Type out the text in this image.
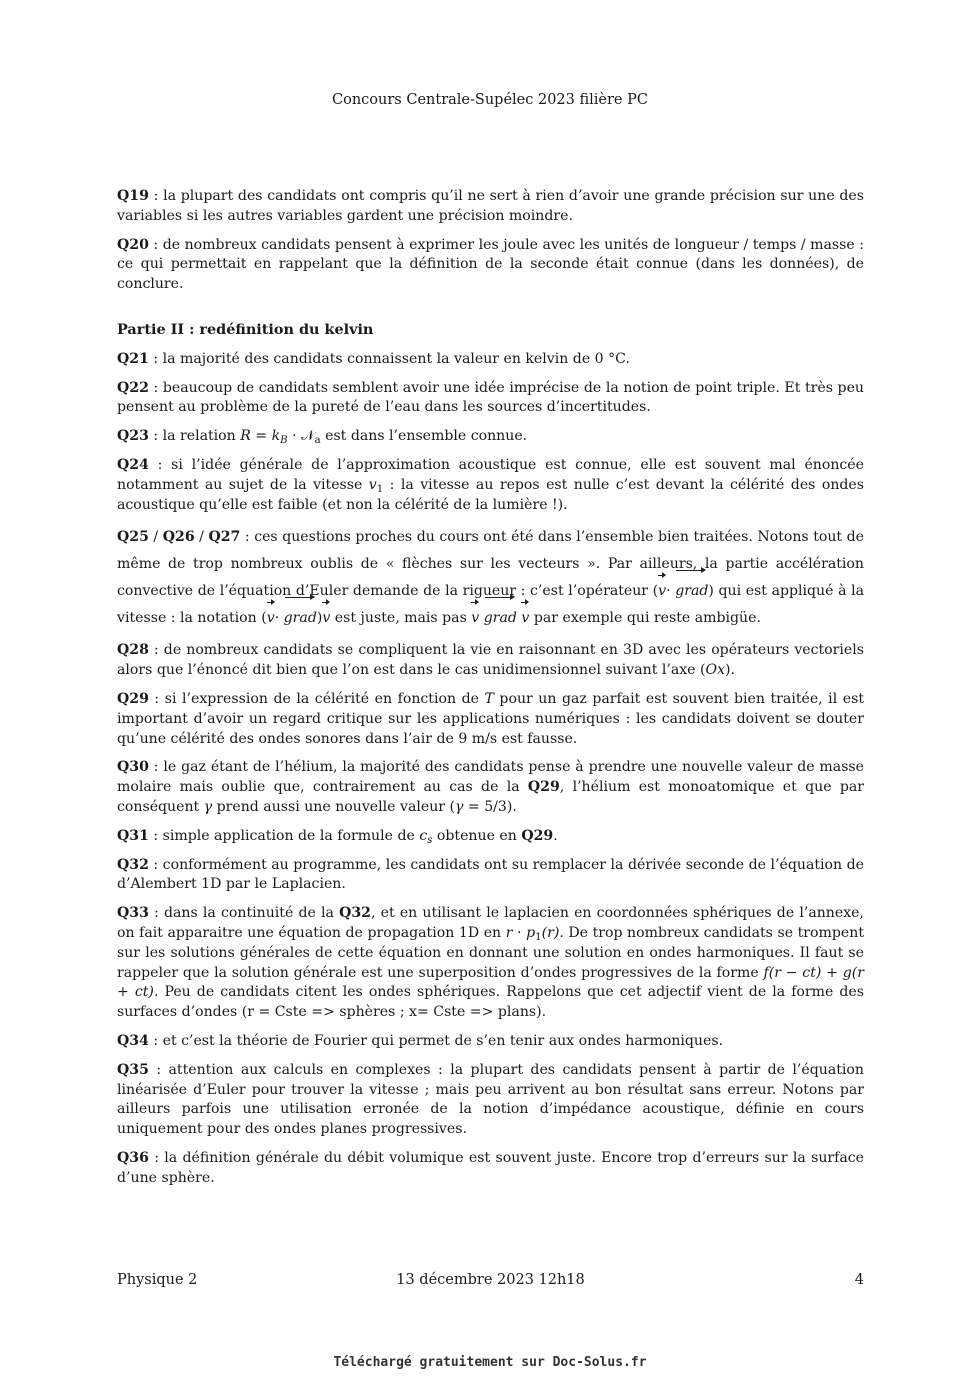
Concours Centrale-Supélec 2023 filière PC

Q19 : la plupart des candidats ont compris qu’il ne sert à rien d’avoir une grande précision sur une des variables si les autres variables gardent une précision moindre.

Q20 : de nombreux candidats pensent à exprimer les joule avec les unités de longueur / temps / masse : ce qui permettait en rappelant que la définition de la seconde était connue (dans les données), de conclure.

Partie II : redéfinition du kelvin

Q21 : la majorité des candidats connaissent la valeur en kelvin de 0 °C.

Q22 : beaucoup de candidats semblent avoir une idée imprécise de la notion de point triple. Et très peu pensent au problème de la pureté de l’eau dans les sources d’incertitudes.

Q23 : la relation $R = k_B$ · 𝒩$_a$ est dans l’ensemble connue.

Q24 : si l’idée générale de l’approximation acoustique est connue, elle est souvent mal énoncée notamment au sujet de la vitesse $v_1$ : la vitesse au repos est nulle c’est devant la célérité des ondes acoustique qu’elle est faible (et non la célérité de la lumière !).

Q25 / Q26 / Q27 : ces questions proches du cours ont été dans l’ensemble bien traitées. Notons tout de même de trop nombreux oublis de « flèches sur les vecteurs ». Par ailleurs, la partie accélération convective de l’équation d’Euler demande de la rigueur : c’est l’opérateur (v· grad) qui est appliqué à la vitesse : la notation (v· grad)v est juste, mais pas v grad v par exemple qui reste ambigüe.

Q28 : de nombreux candidats se compliquent la vie en raisonnant en 3D avec les opérateurs vectoriels alors que l’énoncé dit bien que l’on est dans le cas unidimensionnel suivant l’axe (Ox).

Q29 : si l’expression de la célérité en fonction de T pour un gaz parfait est souvent bien traitée, il est important d’avoir un regard critique sur les applications numériques : les candidats doivent se douter qu’une célérité des ondes sonores dans l’air de 9 m/s est fausse.

Q30 : le gaz étant de l’hélium, la majorité des candidats pense à prendre une nouvelle valeur de masse molaire mais oublie que, contrairement au cas de la Q29, l’hélium est monoatomique et que par conséquent γ prend aussi une nouvelle valeur (γ = 5/3).

Q31 : simple application de la formule de $c_s$ obtenue en Q29.

Q32 : conformément au programme, les candidats ont su remplacer la dérivée seconde de l’équation de d’Alembert 1D par le Laplacien.

Q33 : dans la continuité de la Q32, et en utilisant le laplacien en coordonnées sphériques de l’annexe, on fait apparaitre une équation de propagation 1D en $r \cdot p_1(r)$. De trop nombreux candidats se trompent sur les solutions générales de cette équation en donnant une solution en ondes harmoniques. Il faut se rappeler que la solution générale est une superposition d’ondes progressives de la forme f(r − ct) + g(r + ct). Peu de candidats citent les ondes sphériques. Rappelons que cet adjectif vient de la forme des surfaces d’ondes (r = Cste => sphères ; x= Cste => plans).

Q34 : et c’est la théorie de Fourier qui permet de s’en tenir aux ondes harmoniques.

Q35 : attention aux calculs en complexes : la plupart des candidats pensent à partir de l’équation linéarisée d’Euler pour trouver la vitesse ; mais peu arrivent au bon résultat sans erreur. Notons par ailleurs parfois une utilisation erronée de la notion d’impédance acoustique, définie en cours uniquement pour des ondes planes progressives.

Q36 : la définition générale du débit volumique est souvent juste. Encore trop d’erreurs sur la surface d’une sphère.

Physique 2	13 décembre 2023 12h18	4
Téléchargé gratuitement sur Doc-Solus.fr
